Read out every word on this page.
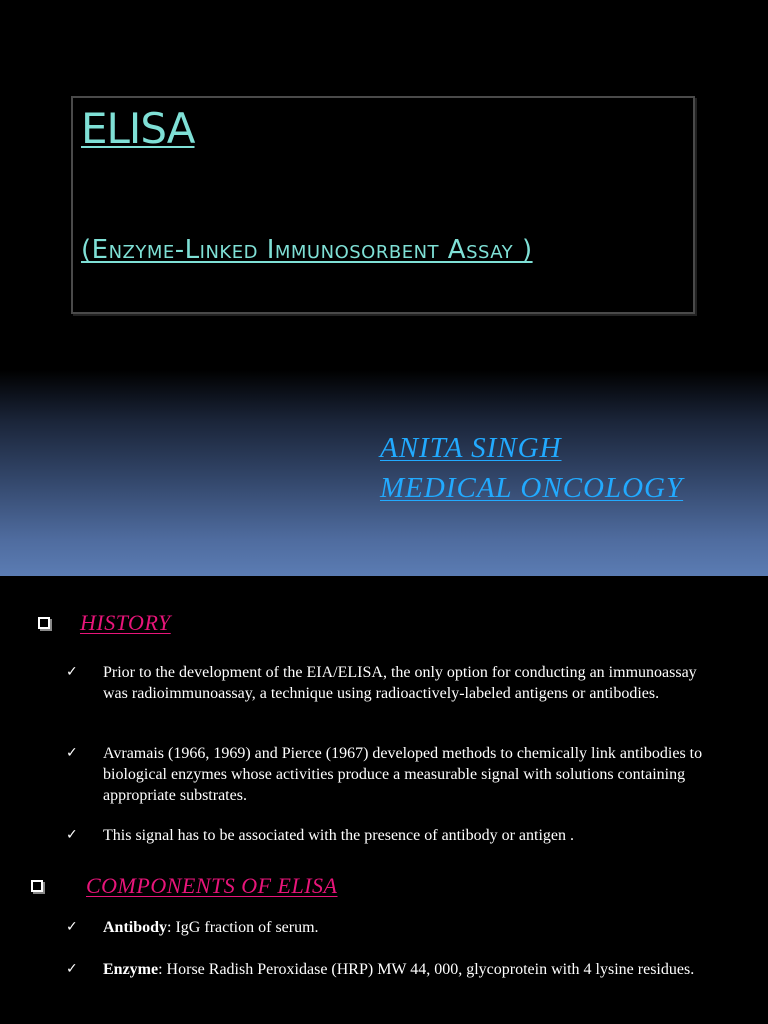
ELISA

(Enzyme-Linked Immunosorbent Assay )

ANITA SINGH
MEDICAL ONCOLOGY
HISTORY
✓	Prior to the development of the EIA/ELISA, the only option for conducting an immunoassay was radioimmunoassay, a technique using radioactively-labeled antigens or antibodies.
✓	Avramais (1966, 1969) and Pierce (1967) developed methods to chemically link antibodies to biological enzymes whose activities produce a measurable signal with solutions containing appropriate substrates.
✓	This signal has to be associated with the presence of antibody or antigen .
COMPONENTS OF ELISA
✓	Antibody: IgG fraction of serum.
✓	Enzyme: Horse Radish Peroxidase (HRP) MW 44, 000, glycoprotein with 4 lysine residues.
